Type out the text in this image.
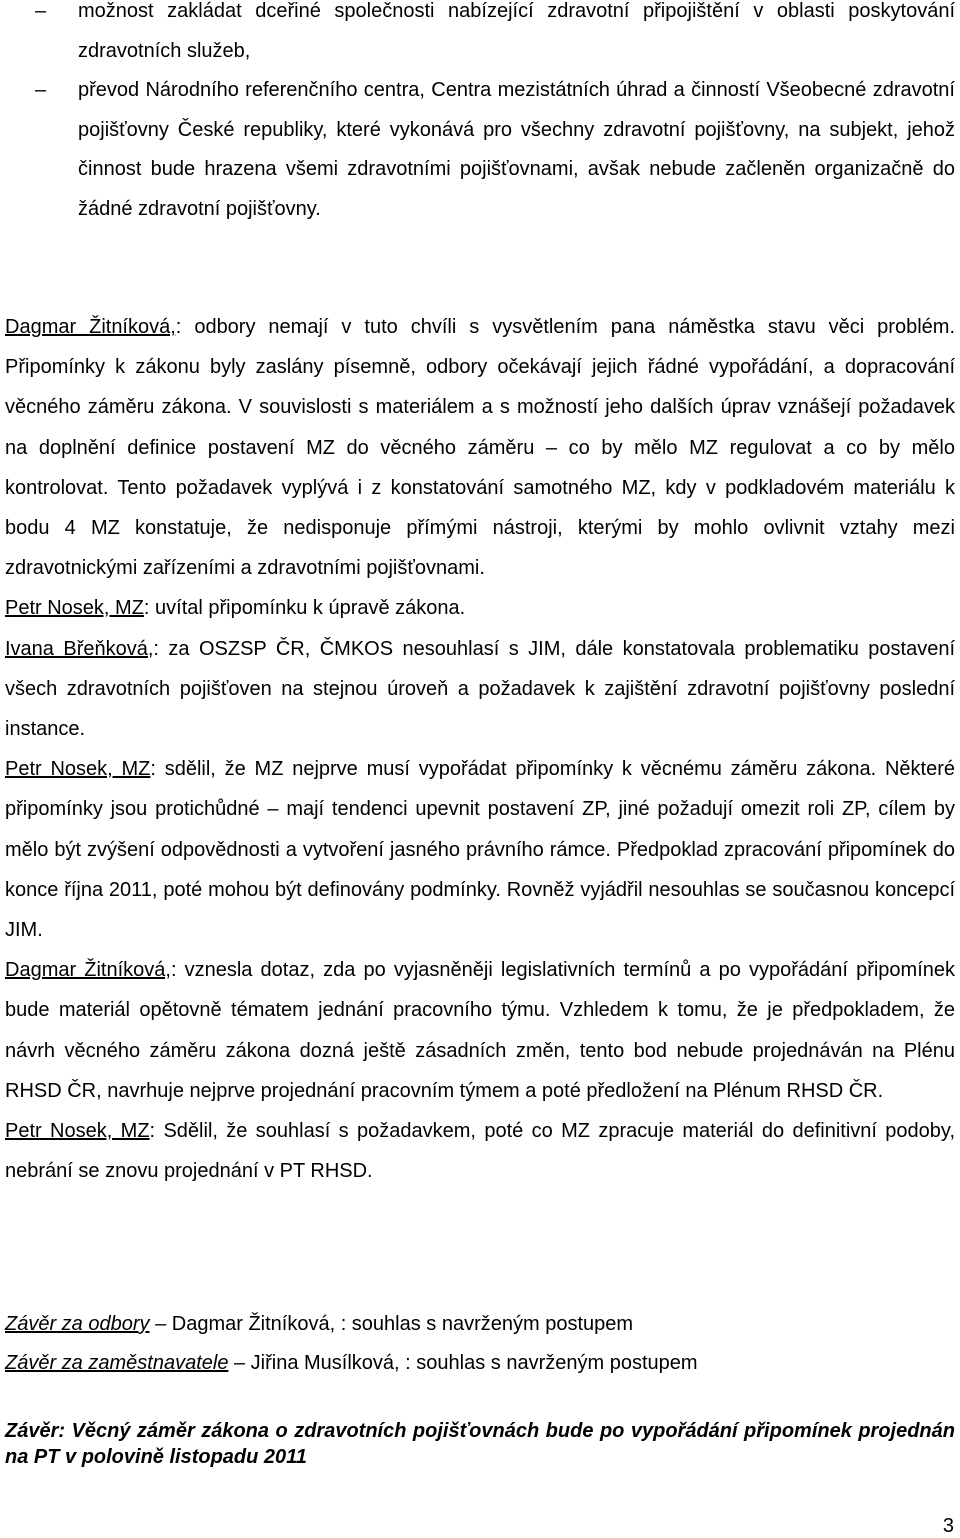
– možnost zakládat dceřiné společnosti nabízející zdravotní připojištění v oblasti poskytování zdravotních služeb,
– převod Národního referenčního centra, Centra mezistátních úhrad a činností Všeobecné zdravotní pojišťovny České republiky, které vykonává pro všechny zdravotní pojišťovny, na subjekt, jehož činnost bude hrazena všemi zdravotními pojišťovnami, avšak nebude začleněn organizačně do žádné zdravotní pojišťovny.

Dagmar Žitníková,: odbory nemají v tuto chvíli s vysvětlením pana náměstka stavu věci problém. Připomínky k zákonu byly zaslány písemně, odbory očekávají jejich řádné vypořádání, a dopracování věcného záměru zákona. V souvislosti s materiálem a s možností jeho dalších úprav vznášejí požadavek na doplnění definice postavení MZ do věcného záměru – co by mělo MZ regulovat a co by mělo kontrolovat. Tento požadavek vyplývá i z konstatování samotného MZ, kdy v podkladovém materiálu k bodu 4 MZ konstatuje, že nedisponuje přímými nástroji, kterými by mohlo ovlivnit vztahy mezi zdravotnickými zařízeními a zdravotními pojišťovnami.

Petr Nosek, MZ: uvítal připomínku k úpravě zákona.

Ivana Břeňková,: za OSZSP ČR, ČMKOS nesouhlasí s JIM, dále konstatovala problematiku postavení všech zdravotních pojišťoven na stejnou úroveň a požadavek k zajištění zdravotní pojišťovny poslední instance.

Petr Nosek, MZ: sdělil, že MZ nejprve musí vypořádat připomínky k věcnému záměru zákona. Některé připomínky jsou protichůdné – mají tendenci upevnit postavení ZP, jiné požadují omezit roli ZP, cílem by mělo být zvýšení odpovědnosti a vytvoření jasného právního rámce. Předpoklad zpracování připomínek do konce října 2011, poté mohou být definovány podmínky. Rovněž vyjádřil nesouhlas se současnou koncepcí JIM.

Dagmar Žitníková,: vznesla dotaz, zda po vyjasněněji legislativních termínů a po vypořádání připomínek bude materiál opětovně tématem jednání pracovního týmu. Vzhledem k tomu, že je předpokladem, že návrh věcného záměru zákona dozná ještě zásadních změn, tento bod nebude projednáván na Plénu RHSD ČR, navrhuje nejprve projednání pracovním týmem a poté předložení na Plénum RHSD ČR.

Petr Nosek, MZ: Sdělil, že souhlasí s požadavkem, poté co MZ zpracuje materiál do definitivní podoby, nebrání se znovu projednání v PT RHSD.

Závěr za odbory – Dagmar Žitníková, : souhlas s navrženým postupem

Závěr za zaměstnavatele – Jiřina Musílková, : souhlas s navrženým postupem

Závěr: Věcný záměr zákona o zdravotních pojišťovnách bude po vypořádání připomínek projednán na PT v polovině listopadu 2011
3
